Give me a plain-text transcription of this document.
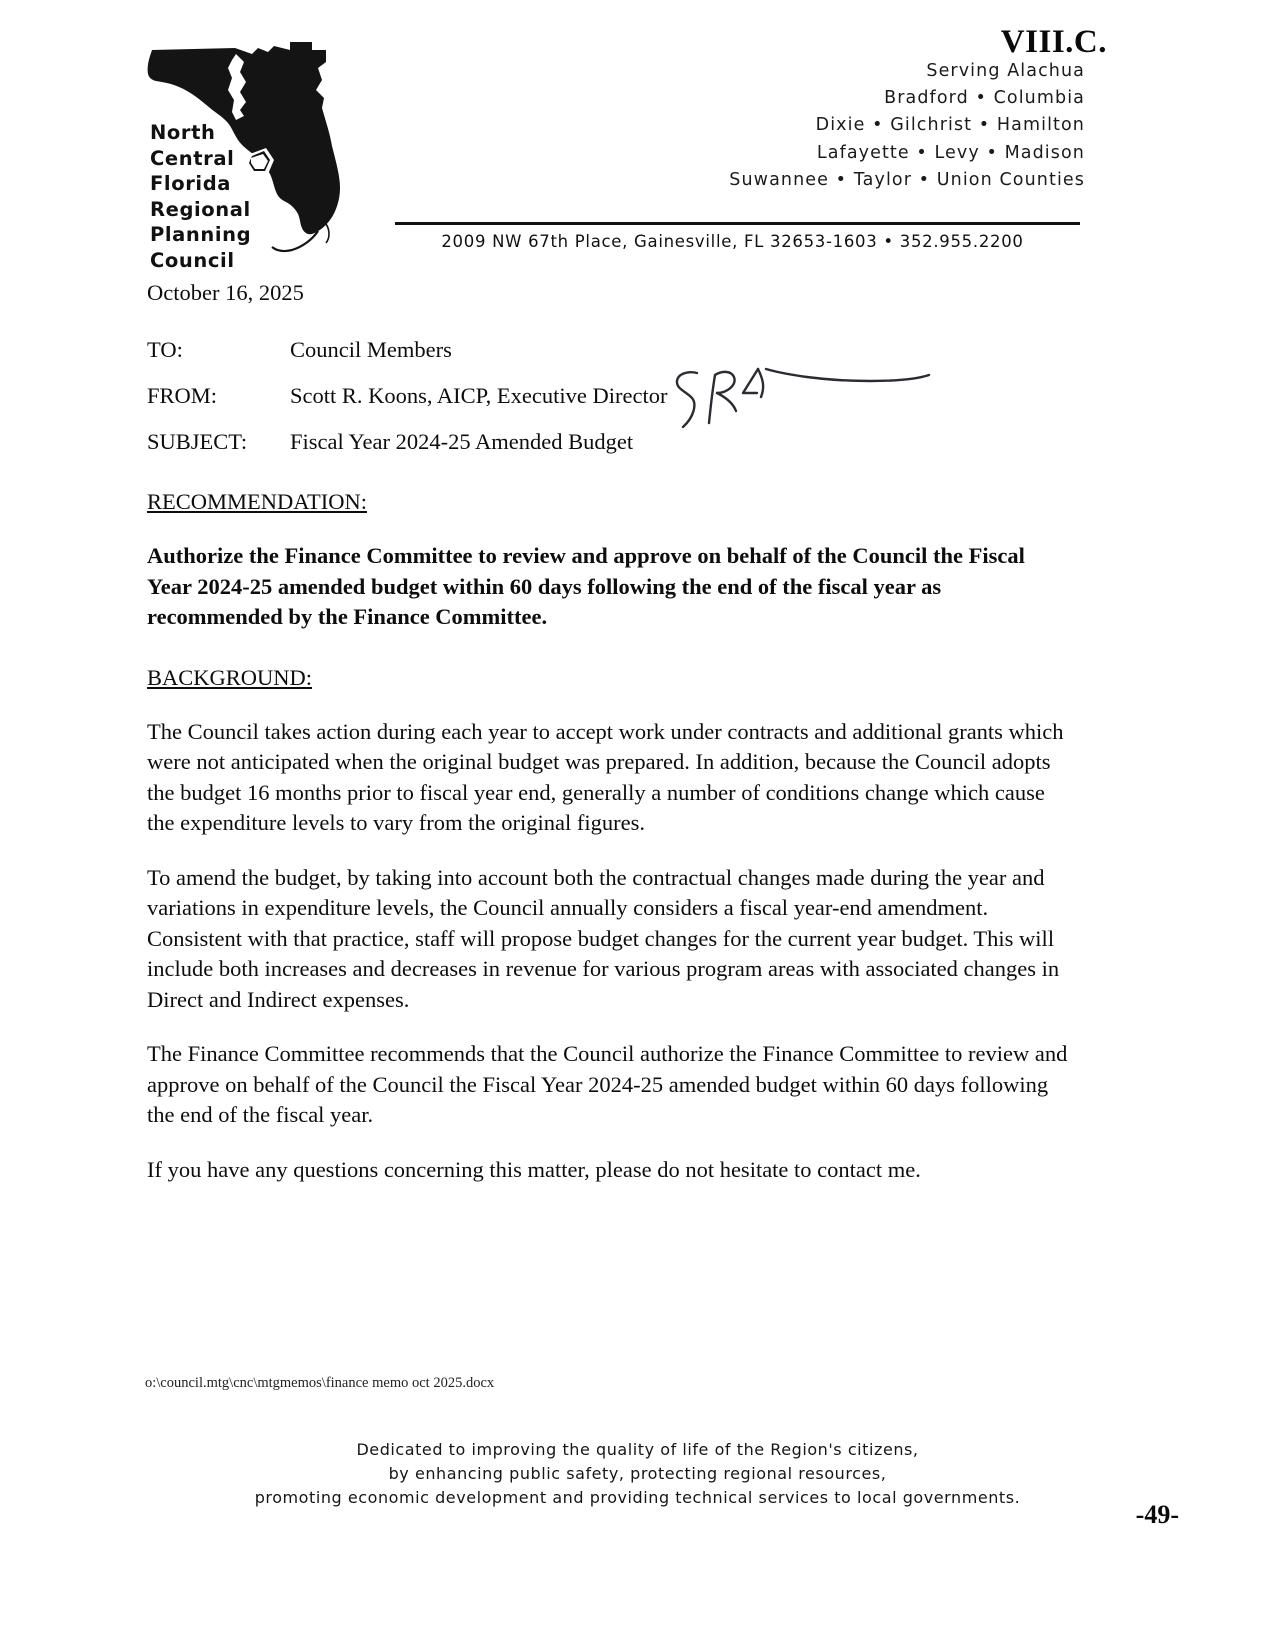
North
Central
Florida
Regional
Planning
Council
VIII.C.
Serving Alachua
Bradford • Columbia
Dixie • Gilchrist • Hamilton
Lafayette • Levy • Madison
Suwannee • Taylor • Union Counties
2009 NW 67th Place, Gainesville, FL 32653-1603 • 352.955.2200
October 16, 2025
TO:	Council Members
FROM:	Scott R. Koons, AICP, Executive Director
SUBJECT:	Fiscal Year 2024-25 Amended Budget
RECOMMENDATION:
Authorize the Finance Committee to review and approve on behalf of the Council the Fiscal Year 2024-25 amended budget within 60 days following the end of the fiscal year as recommended by the Finance Committee.
BACKGROUND:
The Council takes action during each year to accept work under contracts and additional grants which were not anticipated when the original budget was prepared. In addition, because the Council adopts the budget 16 months prior to fiscal year end, generally a number of conditions change which cause the expenditure levels to vary from the original figures.
To amend the budget, by taking into account both the contractual changes made during the year and variations in expenditure levels, the Council annually considers a fiscal year-end amendment. Consistent with that practice, staff will propose budget changes for the current year budget. This will include both increases and decreases in revenue for various program areas with associated changes in Direct and Indirect expenses.
The Finance Committee recommends that the Council authorize the Finance Committee to review and approve on behalf of the Council the Fiscal Year 2024-25 amended budget within 60 days following the end of the fiscal year.
If you have any questions concerning this matter, please do not hesitate to contact me.
o:\council.mtg\cnc\mtgmemos\finance memo oct 2025.docx
Dedicated to improving the quality of life of the Region's citizens,
by enhancing public safety, protecting regional resources,
promoting economic development and providing technical services to local governments.
-49-
